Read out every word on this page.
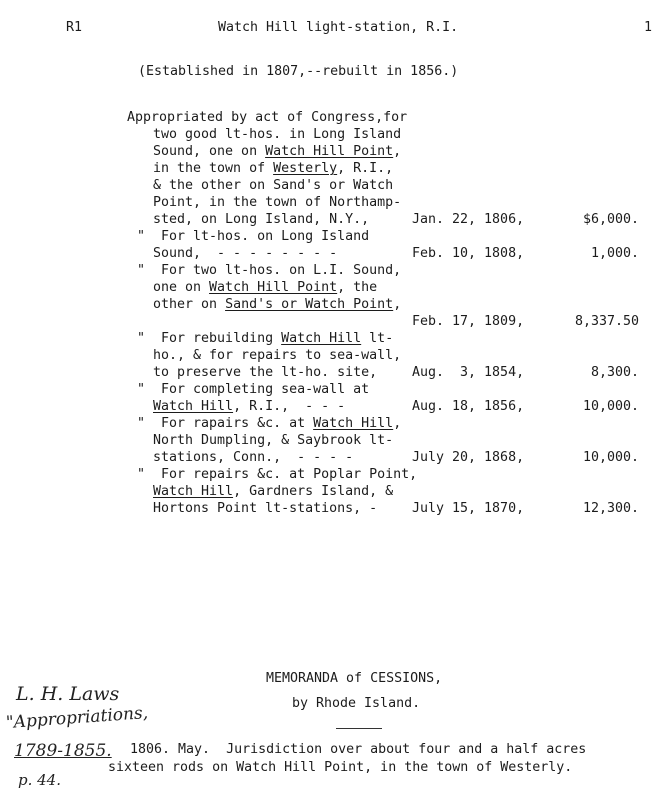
R1	Watch Hill light-station, R.I.	1
(Established in 1807,--rebuilt in 1856.)
Appropriated by act of Congress,for
two good lt-hos. in Long Island
Sound, one on Watch Hill Point,
in the town of Westerly, R.I.,
& the other on Sand's or Watch
Point, in the town of Northamp-
sted, on Long Island, N.Y.,	Jan. 22, 1806,	$6,000.
"  For lt-hos. on Long Island
Sound,  - - - - - - - -	Feb. 10, 1808,	1,000.
"  For two lt-hos. on L.I. Sound,
one on Watch Hill Point, the
other on Sand's or Watch Point,
Feb. 17, 1809,	8,337.50
"  For rebuilding Watch Hill lt-
ho., & for repairs to sea-wall,
to preserve the lt-ho. site,	Aug.  3, 1854,	8,300.
"  For completing sea-wall at
Watch Hill, R.I.,  - - -	Aug. 18, 1856,	10,000.
"  For rapairs &c. at Watch Hill,
North Dumpling, & Saybrook lt-
stations, Conn.,  - - - -	July 20, 1868,	10,000.
"  For repairs &c. at Poplar Point,
Watch Hill, Gardners Island, &
Hortons Point lt-stations, -	July 15, 1870,	12,300.
MEMORANDA of CESSIONS,
by Rhode Island.
1806. May.  Jurisdiction over about four and a half acres
sixteen rods on Watch Hill Point, in the town of Westerly.
L. H. Laws
"Appropriations,
1789-1855.
p. 44.
